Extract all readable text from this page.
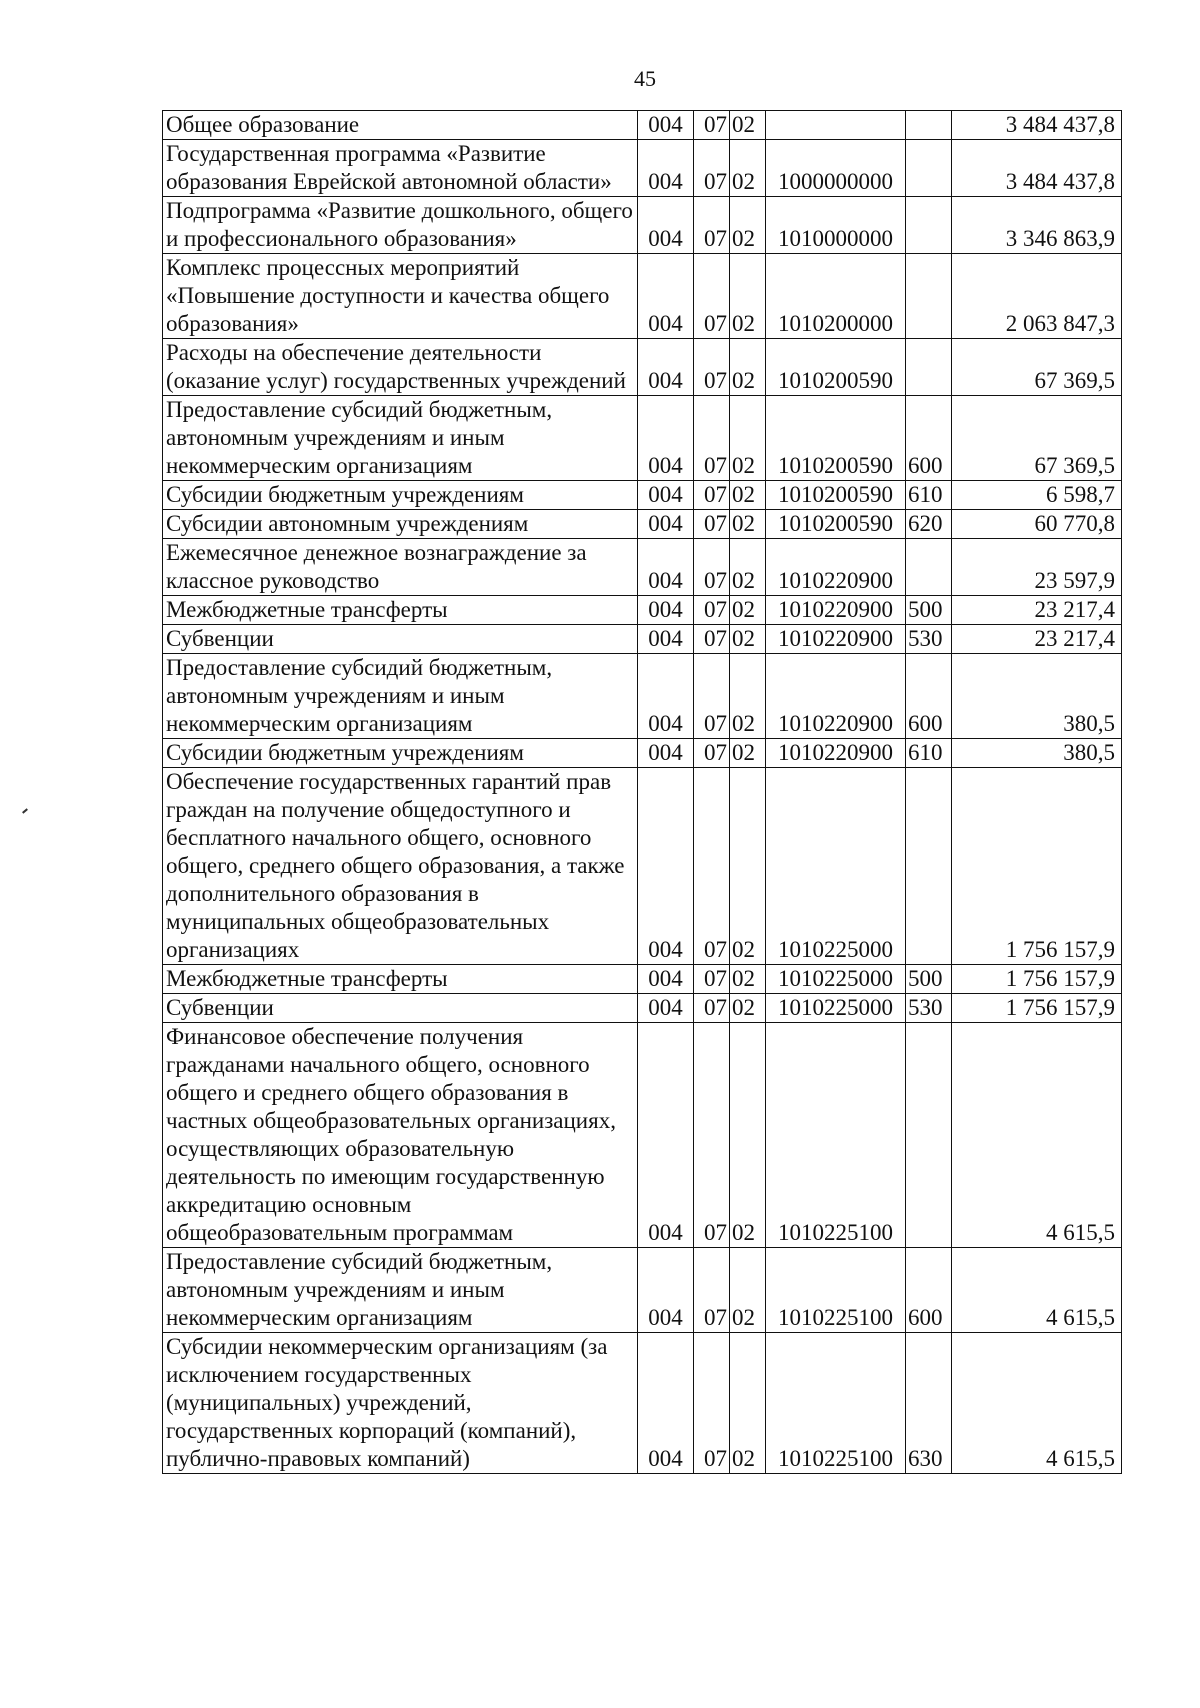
45
Общее образование	004	07	02			3 484 437,8
Государственная программа «Развитие образования Еврейской автономной области»	004	07	02	1000000000		3 484 437,8
Подпрограмма «Развитие дошкольного, общего и профессионального образования»	004	07	02	1010000000		3 346 863,9
Комплекс процессных мероприятий «Повышение доступности и качества общего образования»	004	07	02	1010200000		2 063 847,3
Расходы на обеспечение деятельности (оказание услуг) государственных учреждений	004	07	02	1010200590		67 369,5
Предоставление субсидий бюджетным, автономным учреждениям и иным некоммерческим организациям	004	07	02	1010200590	600	67 369,5
Субсидии бюджетным учреждениям	004	07	02	1010200590	610	6 598,7
Субсидии автономным учреждениям	004	07	02	1010200590	620	60 770,8
Ежемесячное денежное вознаграждение за классное руководство	004	07	02	1010220900		23 597,9
Межбюджетные трансферты	004	07	02	1010220900	500	23 217,4
Субвенции	004	07	02	1010220900	530	23 217,4
Предоставление субсидий бюджетным, автономным учреждениям и иным некоммерческим организациям	004	07	02	1010220900	600	380,5
Субсидии бюджетным учреждениям	004	07	02	1010220900	610	380,5
Обеспечение государственных гарантий прав граждан на получение общедоступного и бесплатного начального общего, основного общего, среднего общего образования, а также дополнительного образования в муниципальных общеобразовательных организациях	004	07	02	1010225000		1 756 157,9
Межбюджетные трансферты	004	07	02	1010225000	500	1 756 157,9
Субвенции	004	07	02	1010225000	530	1 756 157,9
Финансовое обеспечение получения гражданами начального общего, основного общего и среднего общего образования в частных общеобразовательных организациях, осуществляющих образовательную деятельность по имеющим государственную аккредитацию основным общеобразовательным программам	004	07	02	1010225100		4 615,5
Предоставление субсидий бюджетным, автономным учреждениям и иным некоммерческим организациям	004	07	02	1010225100	600	4 615,5
Субсидии некоммерческим организациям (за исключением государственных (муниципальных) учреждений, государственных корпораций (компаний), публично-правовых компаний)	004	07	02	1010225100	630	4 615,5
